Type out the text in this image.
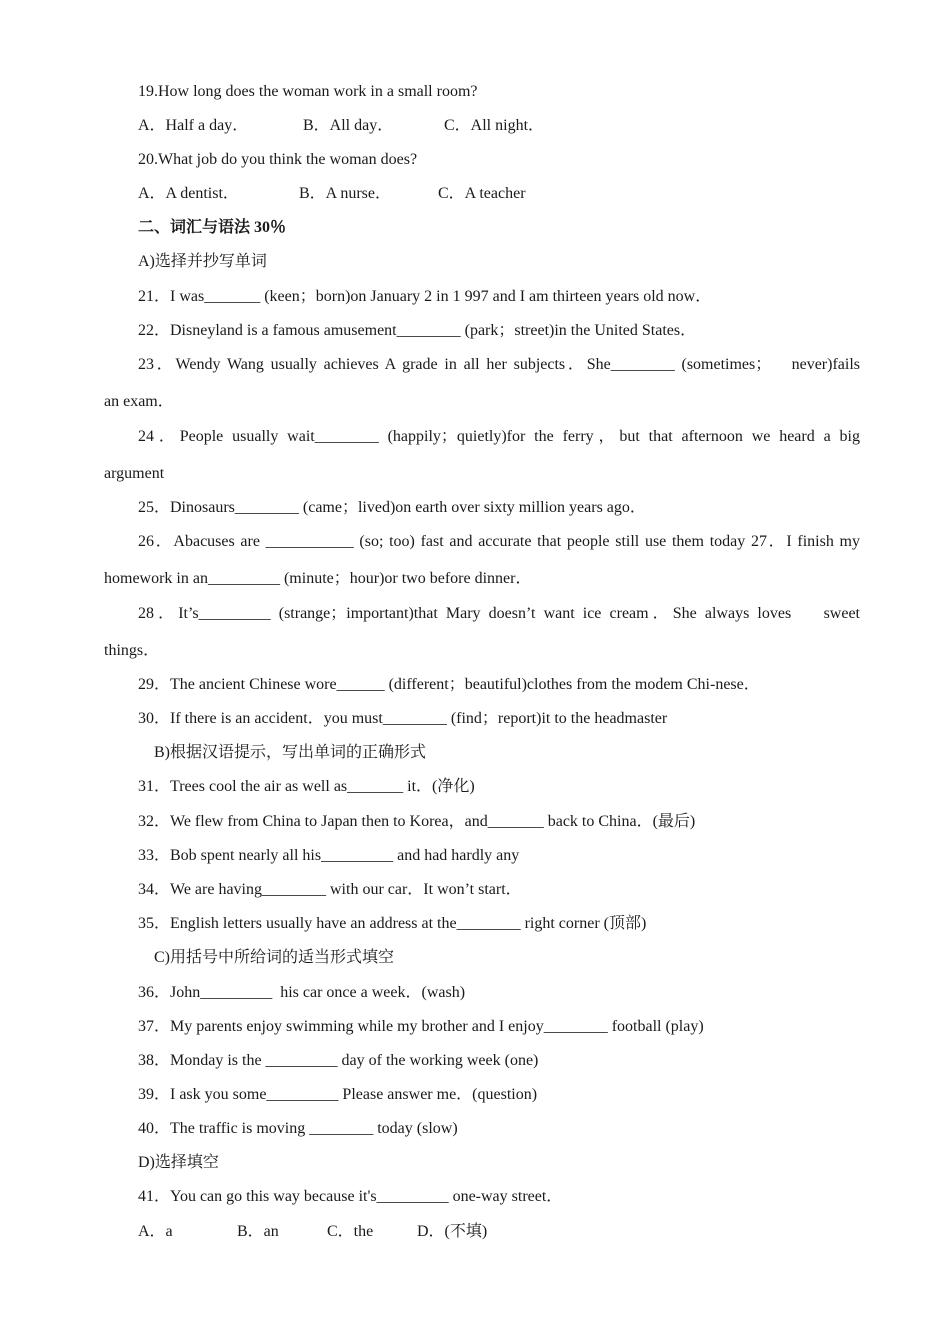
19.How long does the woman work in a small room?

A．Half a day．

	B．All day．

	C．All night．

20.What job do you think the woman does?

A．A dentist．

	B．A nurse．

	C．A teacher

二、词汇与语法 30％
A)选择并抄写单词
21．I was_______ (keen；born)on January 2 in 1 997 and I am thirteen years old now．
22．Disneyland is a famous amusement________ (park；street)in the United States．
23．Wendy Wang usually achieves A grade in all her subjects．She________ (sometimes；   never)fails
an exam．
24．People usually wait________ (happily；quietly)for the ferry，but that afternoon we heard a big
argument
25．Dinosaurs________ (came；lived)on earth over sixty million years ago．
26．Abacuses are ___________ (so; too) fast and accurate that people still use them today 27．I finish my
homework in an_________ (minute；hour)or two before dinner．
28．It’s_________ (strange；important)that Mary doesn’t want ice cream．She always loves    sweet
things．
29．The ancient Chinese wore______ (different；beautiful)clothes from the modem Chi-nese．
30．If there is an accident．you must________ (find；report)it to the headmaster
B)根据汉语提示，写出单词的正确形式
31．Trees cool the air as well as_______ it．(净化)
32．We flew from China to Japan then to Korea，and_______ back to China．(最后)
33．Bob spent nearly all his_________ and had hardly any
34．We are having________ with our car．It won’t start．
35．English letters usually have an address at the________ right corner (顶部)
C)用括号中所给词的适当形式填空
36．John_________  his car once a week．(wash)
37．My parents enjoy swimming while my brother and I enjoy________ football (play)
38．Monday is the _________ day of the working week (one)
39．I ask you some_________ Please answer me．(question)
40．The traffic is moving ________ today (slow)
D)选择填空
41．You can go this way because it's_________ one-way street．

A．a

	B．an

	C．the

	D．(不填)
